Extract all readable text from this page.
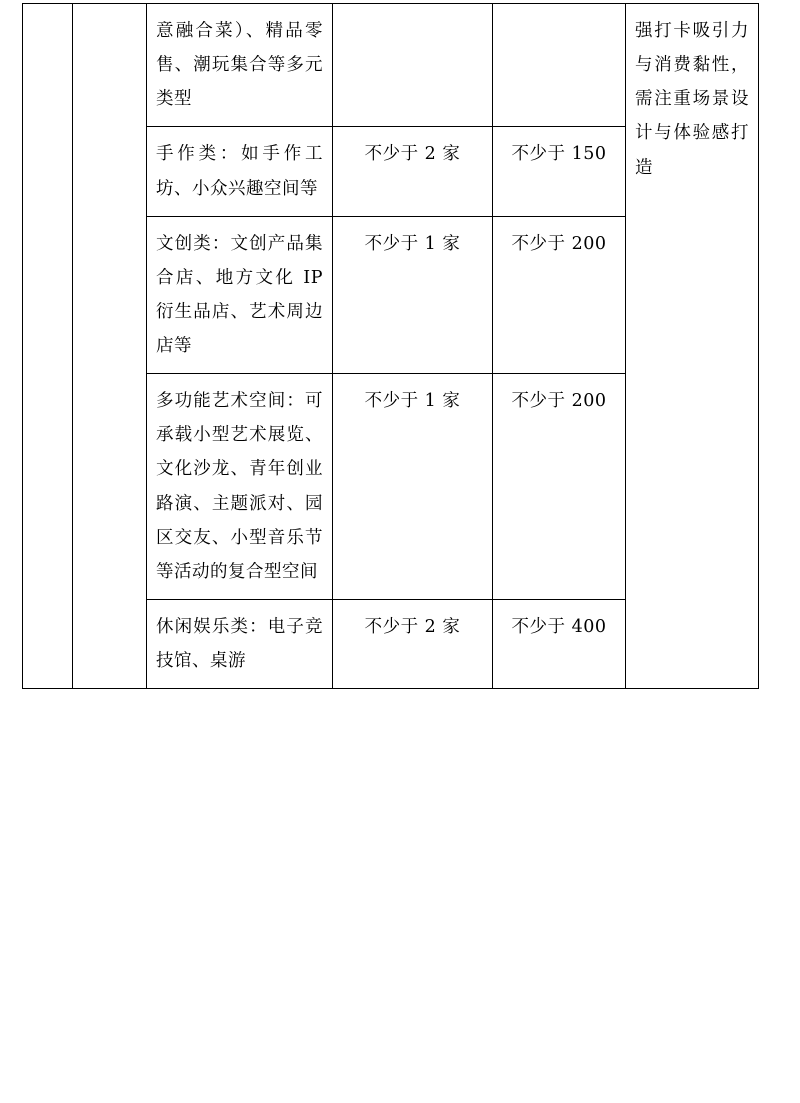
		意融合菜）、精品零售、潮玩集合等多元类型			强打卡吸引力与消费黏性，需注重场景设计与体验感打造

		手作类：如手作工坊、小众兴趣空间等	不少于 2 家	不少于 150	

		文创类：文创产品集合店、地方文化 IP 衍生品店、艺术周边店等	不少于 1 家	不少于 200	

		多功能艺术空间：可承载小型艺术展览、文化沙龙、青年创业路演、主题派对、园区交友、小型音乐节等活动的复合型空间	不少于 1 家	不少于 200	

		休闲娱乐类：电子竞技馆、桌游	不少于 2 家	不少于 400	
